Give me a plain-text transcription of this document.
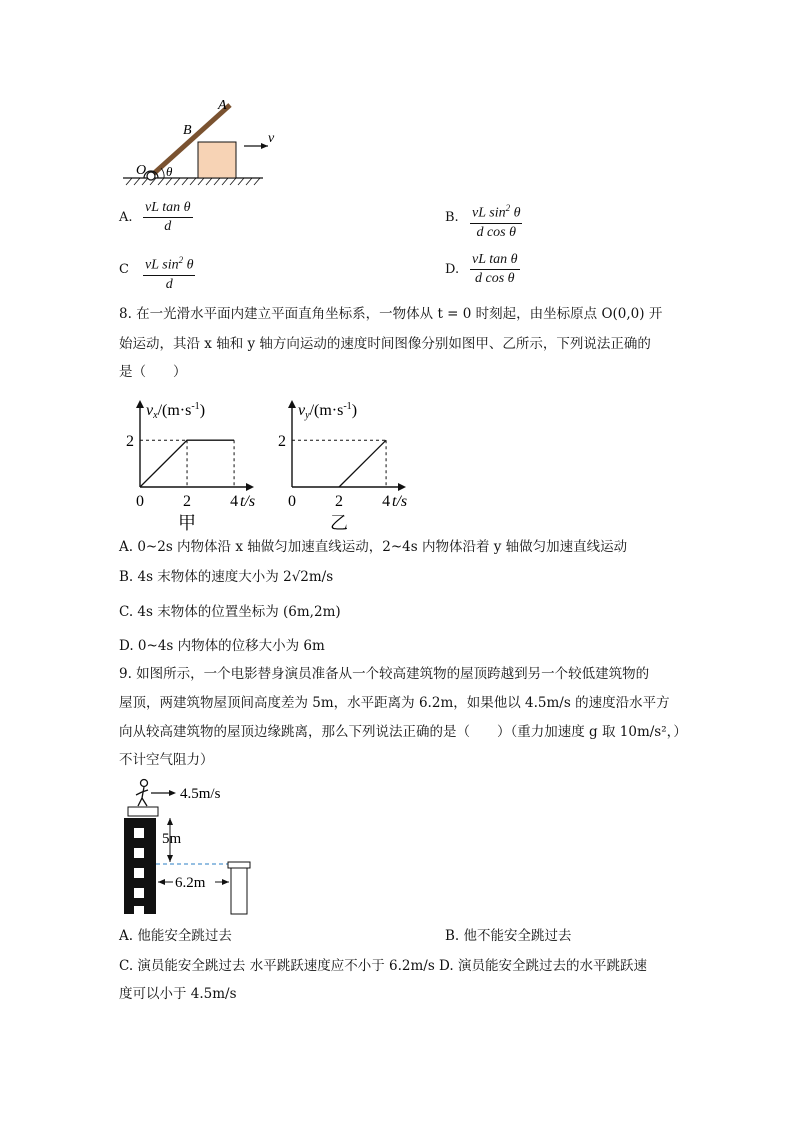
A
B
O θ
v
A. $\frac{\text{vL tan θ}}{d}$	B. $\frac{vL \sin^2 \theta}{\text{d cos θ}}$
C $\frac{vL \sin^2 \theta}{d}$	D. $\frac{\text{vL tan θ}}{\text{d cos θ}}$
8. 在一光滑水平面内建立平面直角坐标系，一物体从 t = 0 时刻起，由坐标原点 O(0,0) 开
始运动，其沿 x 轴和 y 轴方向运动的速度时间图像分别如图甲、乙所示，下列说法正确的
是（　　）
$vx/(m\cdot s^{-1})$
2
0 2 4 t/s
甲
$vy/(m\cdot s^{-1})$
2
0 2 4 t/s
乙
A. 0~2s 内物体沿 x 轴做匀加速直线运动，2~4s 内物体沿着 y 轴做匀加速直线运动
B. 4s 末物体的速度大小为 2√2m/s
C. 4s 末物体的位置坐标为 (6m,2m)
D. 0~4s 内物体的位移大小为 6m
9. 如图所示，一个电影替身演员准备从一个较高建筑物的屋顶跨越到另一个较低建筑物的
屋顶，两建筑物屋顶间高度差为 5m，水平距离为 6.2m，如果他以 4.5m/s 的速度沿水平方
向从较高建筑物的屋顶边缘跳离，那么下列说法正确的是（　　）（重力加速度 g 取 10m/s²，）
不计空气阻力）
4.5m/s
5m
6.2m
A. 他能安全跳过去	B. 他不能安全跳过去
C. 演员能安全跳过去 水平跳跃速度应不小于 6.2m/s D. 演员能安全跳过去的水平跳跃速
度可以小于 4.5m/s
